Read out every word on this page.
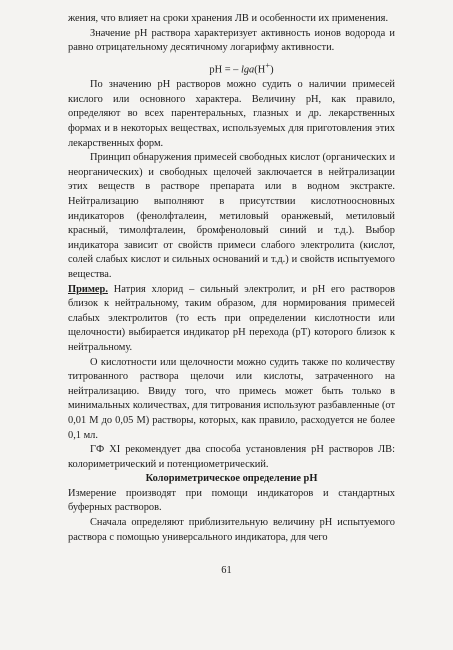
жения, что влияет на сроки хранения ЛВ и особенности их применения.

Значение рН раствора характеризует активность ионов водорода и равно отрицательному десятичному логарифму активности.

pH = – lga(H+)

По значению рН растворов можно судить о наличии примесей кислого или основного характера. Величину рН, как правило, определяют во всех парентеральных, глазных и др. лекарственных формах и в некоторых веществах, используемых для приготовления этих лекарственных форм.

Принцип обнаружения примесей свободных кислот (органических и неорганических) и свободных щелочей заключается в нейтрализации этих веществ в растворе препарата или в водном экстракте. Нейтрализацию выполняют в присутствии кислотноосновных индикаторов (фенолфталеин, метиловый оранжевый, метиловый красный, тимолфталеин, бромфеноловый синий и т.д.). Выбор индикатора зависит от свойств примеси слабого электролита (кислот, солей слабых кислот и сильных оснований и т.д.) и свойств испытуемого вещества.

Пример. Натрия хлорид – сильный электролит, и рН его растворов близок к нейтральному, таким образом, для нормирования примесей слабых электролитов (то есть при определении кислотности или щелочности) выбирается индикатор рН перехода (рТ) которого близок к нейтральному.

О кислотности или щелочности можно судить также по количеству титрованного раствора щелочи или кислоты, затраченного на нейтрализацию. Ввиду того, что примесь может быть только в минимальных количествах, для титрования используют разбавленные (от 0,01 М до 0,05 М) растворы, которых, как правило, расходуется не более 0,1 мл.

ГФ XI рекомендует два способа установления рН растворов ЛВ: колориметрический и потенциометрический.

Колориметрическое определение рН

Измерение производят при помощи индикаторов и стандартных буферных растворов.

Сначала определяют приблизительную величину рН испытуемого раствора с помощью универсального индикатора, для чего

61
